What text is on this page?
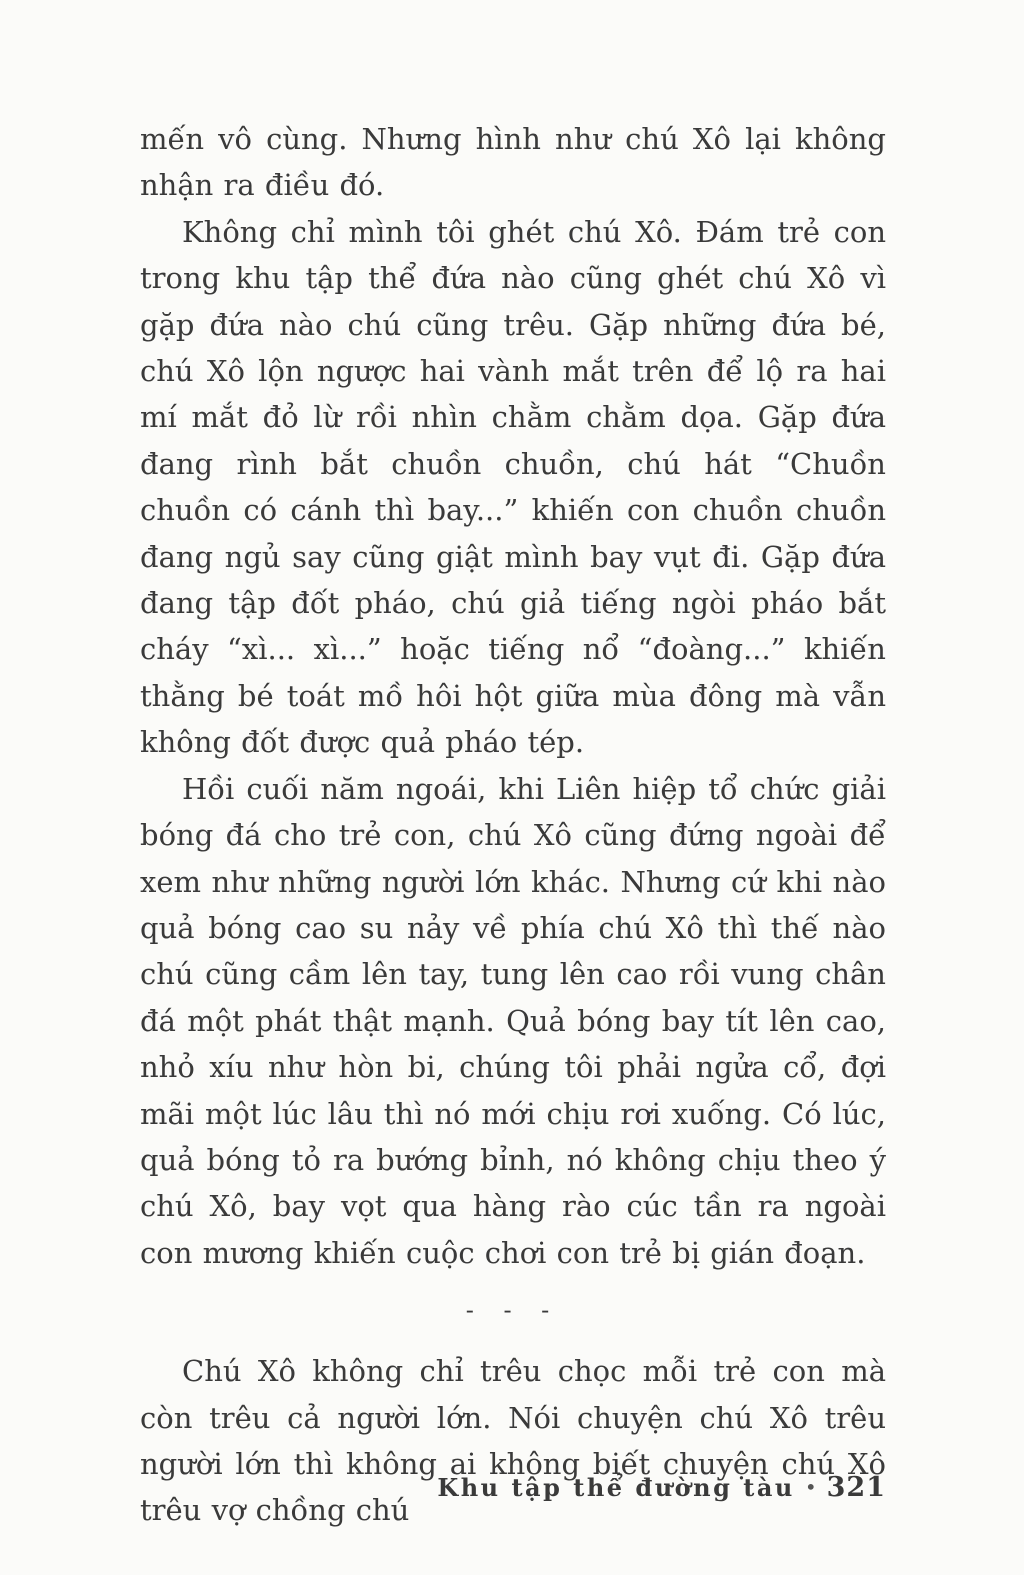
mến vô cùng. Nhưng hình như chú Xô lại không nhận ra điều đó.

Không chỉ mình tôi ghét chú Xô. Đám trẻ con trong khu tập thể đứa nào cũng ghét chú Xô vì gặp đứa nào chú cũng trêu. Gặp những đứa bé, chú Xô lộn ngược hai vành mắt trên để lộ ra hai mí mắt đỏ lừ rồi nhìn chằm chằm dọa. Gặp đứa đang rình bắt chuồn chuồn, chú hát “Chuồn chuồn có cánh thì bay...” khiến con chuồn chuồn đang ngủ say cũng giật mình bay vụt đi. Gặp đứa đang tập đốt pháo, chú giả tiếng ngòi pháo bắt cháy “xì... xì...” hoặc tiếng nổ “đoàng...” khiến thằng bé toát mồ hôi hột giữa mùa đông mà vẫn không đốt được quả pháo tép.

Hồi cuối năm ngoái, khi Liên hiệp tổ chức giải bóng đá cho trẻ con, chú Xô cũng đứng ngoài để xem như những người lớn khác. Nhưng cứ khi nào quả bóng cao su nảy về phía chú Xô thì thế nào chú cũng cầm lên tay, tung lên cao rồi vung chân đá một phát thật mạnh. Quả bóng bay tít lên cao, nhỏ xíu như hòn bi, chúng tôi phải ngửa cổ, đợi mãi một lúc lâu thì nó mới chịu rơi xuống. Có lúc, quả bóng tỏ ra bướng bỉnh, nó không chịu theo ý chú Xô, bay vọt qua hàng rào cúc tần ra ngoài con mương khiến cuộc chơi con trẻ bị gián đoạn.

- - -

Chú Xô không chỉ trêu chọc mỗi trẻ con mà còn trêu cả người lớn. Nói chuyện chú Xô trêu người lớn thì không ai không biết chuyện chú Xô trêu vợ chồng chú

Khu tập thể đường tàu • 321
